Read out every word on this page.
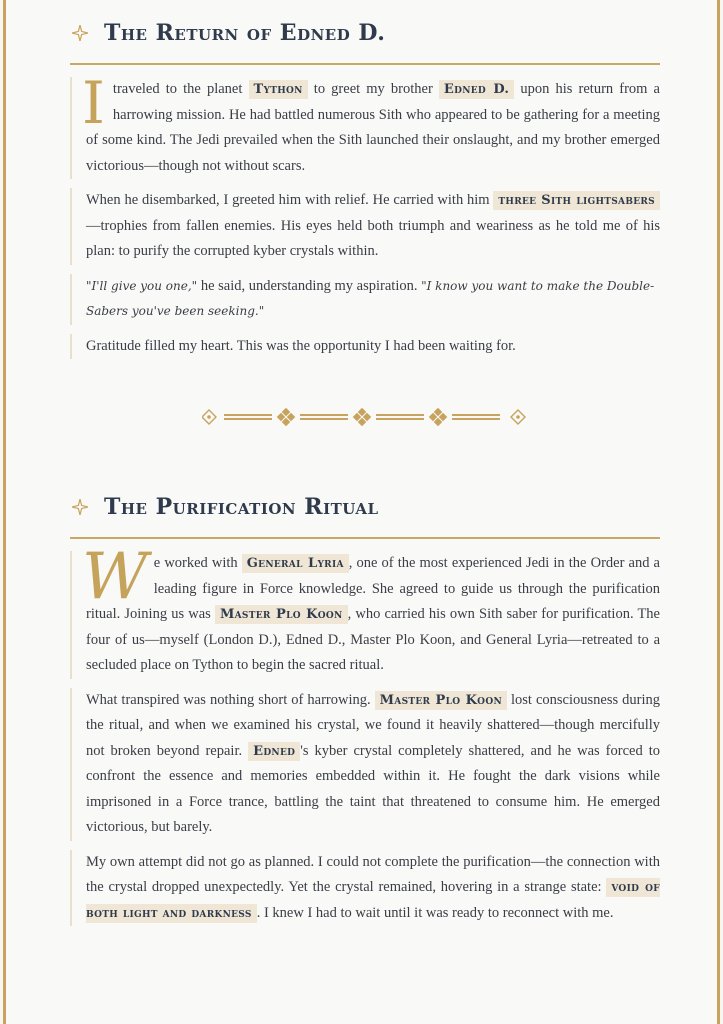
The Return of Edned D.
I traveled to the planet Tython to greet my brother Edned D. upon his return from a harrowing mission. He had battled numerous Sith who appeared to be gathering for a meeting of some kind. The Jedi prevailed when the Sith launched their onslaught, and my brother emerged victorious—though not without scars.
When he disembarked, I greeted him with relief. He carried with him three Sith lightsabers—trophies from fallen enemies. His eyes held both triumph and weariness as he told me of his plan: to purify the corrupted kyber crystals within.
"I'll give you one," he said, understanding my aspiration. "I know you want to make the Double-Sabers you've been seeking."
Gratitude filled my heart. This was the opportunity I had been waiting for.
The Purification Ritual
We worked with General Lyria , one of the most experienced Jedi in the Order and a leading figure in Force knowledge. She agreed to guide us through the purification ritual. Joining us was Master Plo Koon , who carried his own Sith saber for purification. The four of us—myself (London D.), Edned D., Master Plo Koon, and General Lyria—retreated to a secluded place on Tython to begin the sacred ritual.
What transpired was nothing short of harrowing. Master Plo Koon lost consciousness during the ritual, and when we examined his crystal, we found it heavily shattered—though mercifully not broken beyond repair. Edned 's kyber crystal completely shattered, and he was forced to confront the essence and memories embedded within it. He fought the dark visions while imprisoned in a Force trance, battling the taint that threatened to consume him. He emerged victorious, but barely.
My own attempt did not go as planned. I could not complete the purification—the connection with the crystal dropped unexpectedly. Yet the crystal remained, hovering in a strange state: void of both light and darkness . I knew I had to wait until it was ready to reconnect with me.
